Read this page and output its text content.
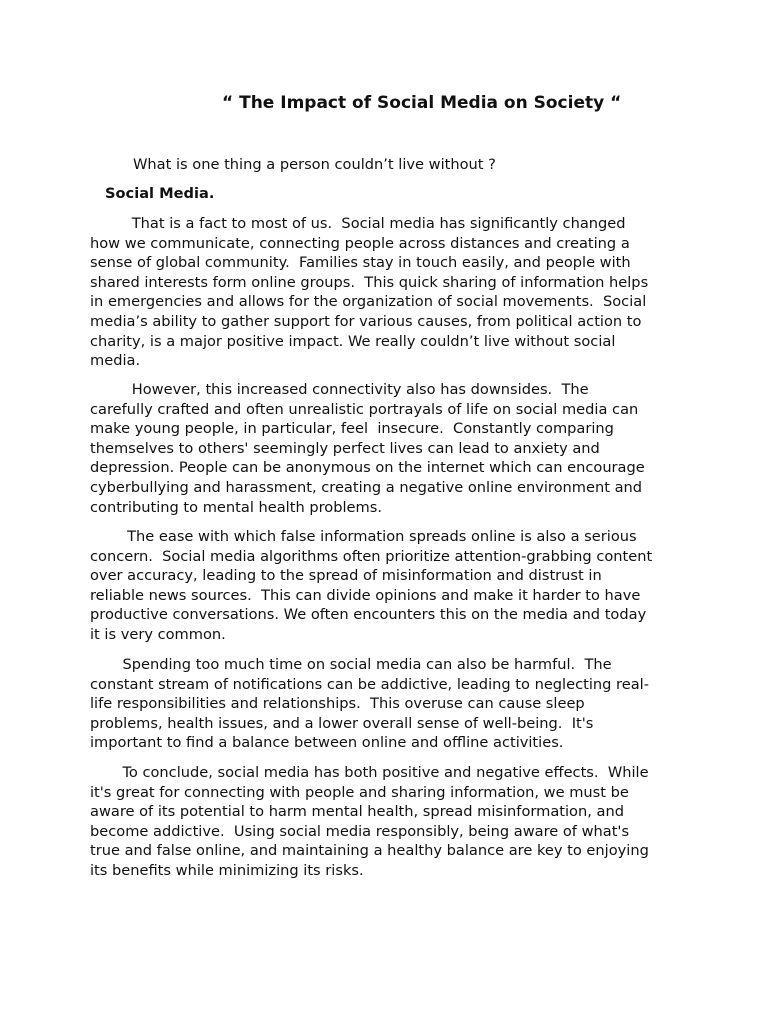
“ The Impact of Social Media on Society “

What is one thing a person couldn’t live without ?

Social Media.

That is a fact to most of us.  Social media has significantly changed
how we communicate, connecting people across distances and creating a
sense of global community.  Families stay in touch easily, and people with
shared interests form online groups.  This quick sharing of information helps
in emergencies and allows for the organization of social movements.  Social
media’s ability to gather support for various causes, from political action to
charity, is a major positive impact. We really couldn’t live without social
media.

However, this increased connectivity also has downsides.  The
carefully crafted and often unrealistic portrayals of life on social media can
make young people, in particular, feel  insecure.  Constantly comparing
themselves to others' seemingly perfect lives can lead to anxiety and
depression. People can be anonymous on the internet which can encourage
cyberbullying and harassment, creating a negative online environment and
contributing to mental health problems.

The ease with which false information spreads online is also a serious
concern.  Social media algorithms often prioritize attention-grabbing content
over accuracy, leading to the spread of misinformation and distrust in
reliable news sources.  This can divide opinions and make it harder to have
productive conversations. We often encounters this on the media and today
it is very common.

Spending too much time on social media can also be harmful.  The
constant stream of notifications can be addictive, leading to neglecting real-
life responsibilities and relationships.  This overuse can cause sleep
problems, health issues, and a lower overall sense of well-being.  It's
important to find a balance between online and offline activities.

To conclude, social media has both positive and negative effects.  While
it's great for connecting with people and sharing information, we must be
aware of its potential to harm mental health, spread misinformation, and
become addictive.  Using social media responsibly, being aware of what's
true and false online, and maintaining a healthy balance are key to enjoying
its benefits while minimizing its risks.
